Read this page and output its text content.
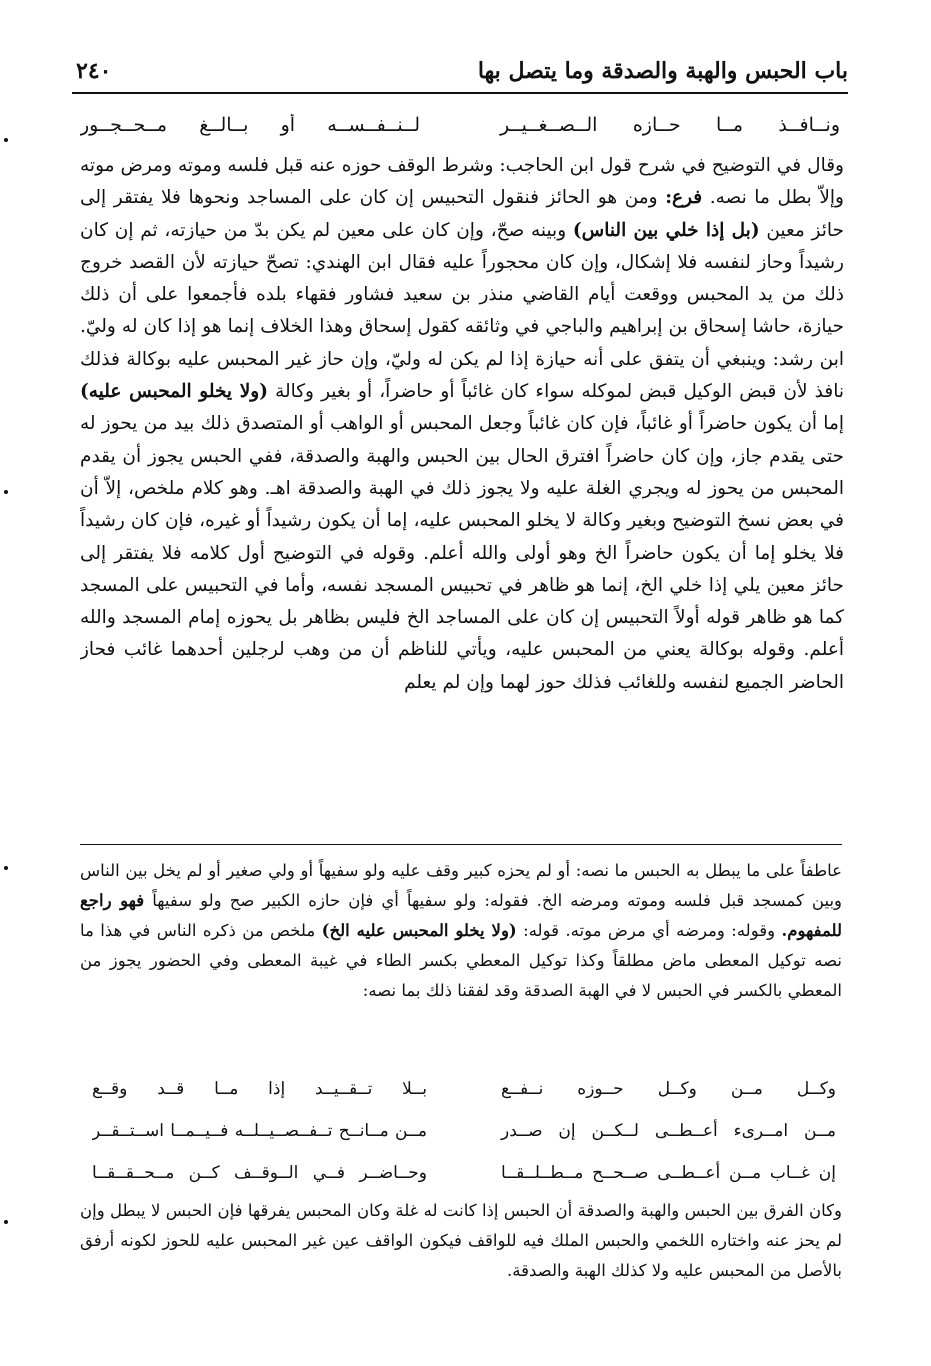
باب الحبس والهبة والصدقة وما يتصل بها
٢٤٠
ونــافــذ مــا حــازه الــصــغــيــر
لــنــفــســه أو بــالــغ مــحــجــور
وقال في التوضيح في شرح قول ابن الحاجب: وشرط الوقف حوزه عنه قبل فلسه وموته ومرض موته وإلاّ بطل ما نصه. فرع: ومن هو الحائز فنقول التحبيس إن كان على المساجد ونحوها فلا يفتقر إلى حائز معين (بل إذا خلي بين الناس) وبينه صحّ، وإن كان على معين لم يكن بدّ من حيازته، ثم إن كان رشيداً وحاز لنفسه فلا إشكال، وإن كان محجوراً عليه فقال ابن الهندي: تصحّ حيازته لأن القصد خروج ذلك من يد المحبس ووقعت أيام القاضي منذر بن سعيد فشاور فقهاء بلده فأجمعوا على أن ذلك حيازة، حاشا إسحاق بن إبراهيم والباجي في وثائقه كقول إسحاق وهذا الخلاف إنما هو إذا كان له وليّ. ابن رشد: وينبغي أن يتفق على أنه حيازة إذا لم يكن له وليّ، وإن حاز غير المحبس عليه بوكالة فذلك نافذ لأن قبض الوكيل قبض لموكله سواء كان غائباً أو حاضراً، أو بغير وكالة (ولا يخلو المحبس عليه) إما أن يكون حاضراً أو غائباً، فإن كان غائباً وجعل المحبس أو الواهب أو المتصدق ذلك بيد من يحوز له حتى يقدم جاز، وإن كان حاضراً افترق الحال بين الحبس والهبة والصدقة، ففي الحبس يجوز أن يقدم المحبس من يحوز له ويجري الغلة عليه ولا يجوز ذلك في الهبة والصدقة اهـ. وهو كلام ملخص، إلاّ أن في بعض نسخ التوضيح وبغير وكالة لا يخلو المحبس عليه، إما أن يكون رشيداً أو غيره، فإن كان رشيداً فلا يخلو إما أن يكون حاضراً الخ وهو أولى والله أعلم. وقوله في التوضيح أول كلامه فلا يفتقر إلى حائز معين يلي إذا خلي الخ، إنما هو ظاهر في تحبيس المسجد نفسه، وأما في التحبيس على المسجد كما هو ظاهر قوله أولاً التحبيس إن كان على المساجد الخ فليس بظاهر بل يحوزه إمام المسجد والله أعلم. وقوله بوكالة يعني من المحبس عليه، ويأتي للناظم أن من وهب لرجلين أحدهما غائب فحاز الحاضر الجميع لنفسه وللغائب فذلك حوز لهما وإن لم يعلم
عاطفاً على ما يبطل به الحبس ما نصه: أو لم يحزه كبير وقف عليه ولو سفيهاً أو ولي صغير أو لم يخل بين الناس وبين كمسجد قبل فلسه وموته ومرضه الخ. فقوله: ولو سفيهاً أي فإن حازه الكبير صح ولو سفيهاً فهو راجع للمفهوم. وقوله: ومرضه أي مرض موته. قوله: (ولا يخلو المحبس عليه الخ) ملخص من ذكره الناس في هذا ما نصه توكيل المعطى ماض مطلقاً وكذا توكيل المعطي بكسر الطاء في غيبة المعطى وفي الحضور يجوز من المعطي بالكسر في الحبس لا في الهبة الصدقة وقد لفقنا ذلك بما نصه:
وكــل مــن وكــل حــوزه نــفــع
بــلا تــقــيــد إذا مــا قــد وقــع
مــن امــرىء أعــطــى لــكــن إن صــدر
مــن مــانــح تــفــصــيــلــه فــيــمــا اســتــقــر
إن غــاب مــن أعــطــى صــحــح مــطــلــقــا
وحــاضــر فــي الــوقــف كــن مــحــقــقــا
وكان الفرق بين الحبس والهبة والصدقة أن الحبس إذا كانت له غلة وكان المحبس يفرقها فإن الحبس لا يبطل وإن لم يحز عنه واختاره اللخمي والحبس الملك فيه للواقف فيكون الواقف عين غير المحبس عليه للحوز لكونه أرفق بالأصل من المحبس عليه ولا كذلك الهبة والصدقة.
